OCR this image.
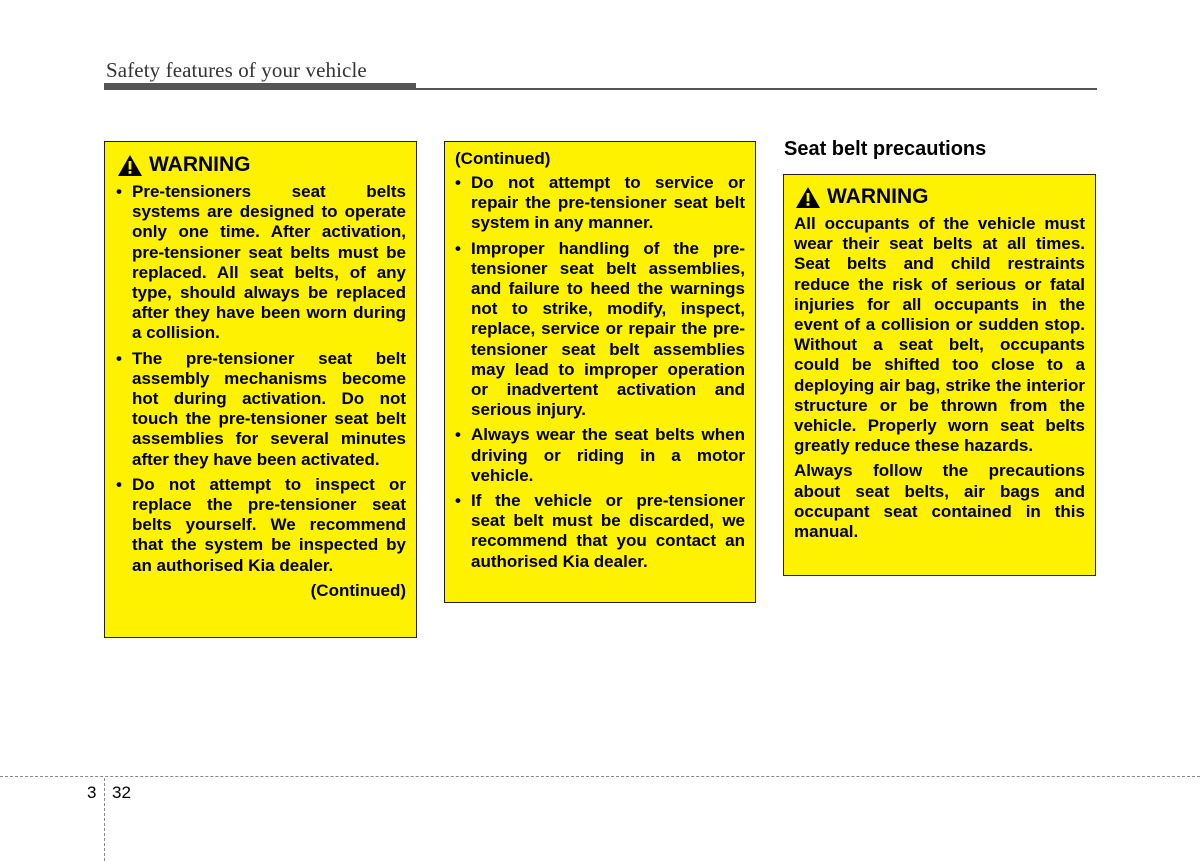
Safety features of your vehicle
WARNING
• Pre-tensioners seat belts systems are designed to operate only one time. After activation, pre-tensioner seat belts must be replaced. All seat belts, of any type, should always be replaced after they have been worn during a collision.
• The pre-tensioner seat belt assembly mechanisms become hot during activation. Do not touch the pre-tensioner seat belt assemblies for several minutes after they have been activated.
• Do not attempt to inspect or replace the pre-tensioner seat belts yourself. We recommend that the system be inspected by an authorised Kia dealer.
(Continued)
(Continued)
• Do not attempt to service or repair the pre-tensioner seat belt system in any manner.
• Improper handling of the pre-tensioner seat belt assemblies, and failure to heed the warnings not to strike, modify, inspect, replace, service or repair the pre-tensioner seat belt assemblies may lead to improper operation or inadvertent activation and serious injury.
• Always wear the seat belts when driving or riding in a motor vehicle.
• If the vehicle or pre-tensioner seat belt must be discarded, we recommend that you contact an authorised Kia dealer.
Seat belt precautions
WARNING

All occupants of the vehicle must wear their seat belts at all times. Seat belts and child restraints reduce the risk of serious or fatal injuries for all occupants in the event of a collision or sudden stop. Without a seat belt, occupants could be shifted too close to a deploying air bag, strike the interior structure or be thrown from the vehicle. Properly worn seat belts greatly reduce these hazards.

Always follow the precautions about seat belts, air bags and occupant seat contained in this manual.

3 32
